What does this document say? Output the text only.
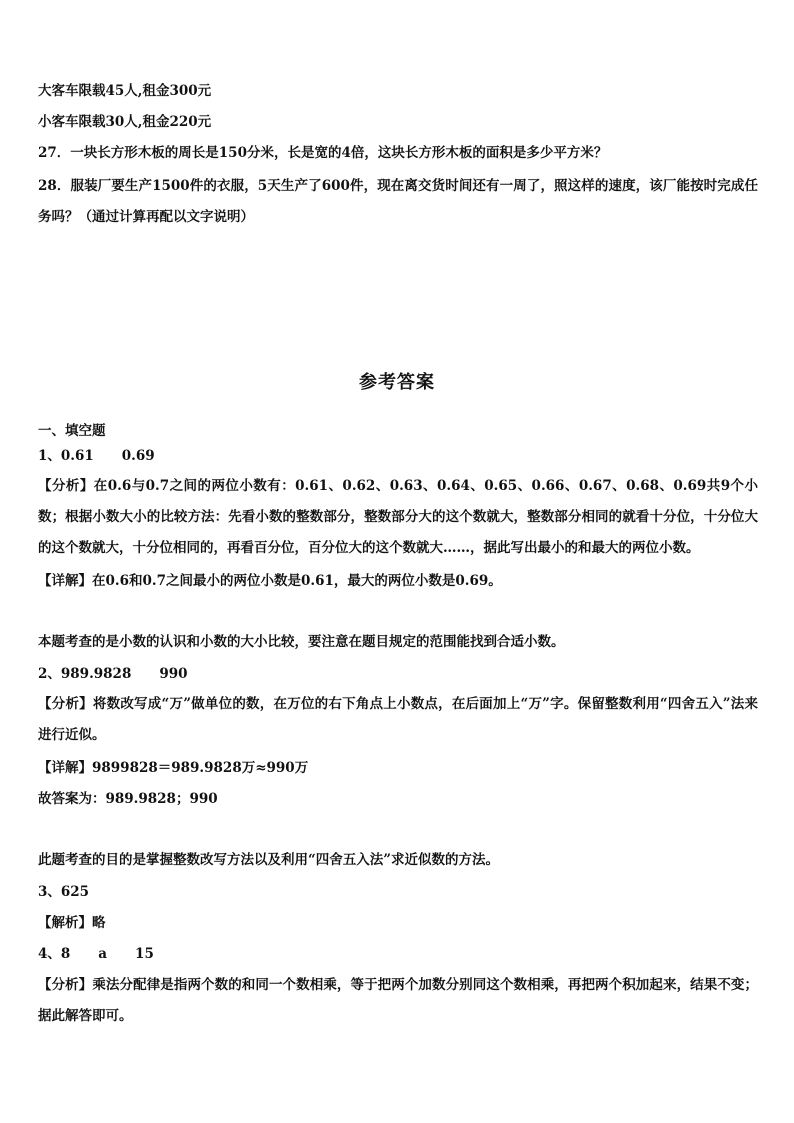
大客车限载45人,租金300元
小客车限载30人,租金220元
27．一块长方形木板的周长是150分米，长是宽的4倍，这块长方形木板的面积是多少平方米？
28．服装厂要生产1500件的衣服，5天生产了600件，现在离交货时间还有一周了，照这样的速度，该厂能按时完成任务吗？（通过计算再配以文字说明）
参考答案
一、填空题
1、0.61 0.69
【分析】在0.6与0.7之间的两位小数有：0.61、0.62、0.63、0.64、0.65、0.66、0.67、0.68、0.69共9个小数；根据小数大小的比较方法：先看小数的整数部分，整数部分大的这个数就大，整数部分相同的就看十分位，十分位大的这个数就大，十分位相同的，再看百分位，百分位大的这个数就大……，据此写出最小的和最大的两位小数。
【详解】在0.6和0.7之间最小的两位小数是0.61，最大的两位小数是0.69。
本题考查的是小数的认识和小数的大小比较，要注意在题目规定的范围能找到合适小数。
2、989.9828 990
【分析】将数改写成“万”做单位的数，在万位的右下角点上小数点，在后面加上“万”字。保留整数利用“四舍五入”法来进行近似。
【详解】9899828＝989.9828万≈990万
故答案为：989.9828；990
此题考查的目的是掌握整数改写方法以及利用“四舍五入法”求近似数的方法。
3、625
【解析】略
4、8 a 15
【分析】乘法分配律是指两个数的和同一个数相乘，等于把两个加数分别同这个数相乘，再把两个积加起来，结果不变；据此解答即可。
